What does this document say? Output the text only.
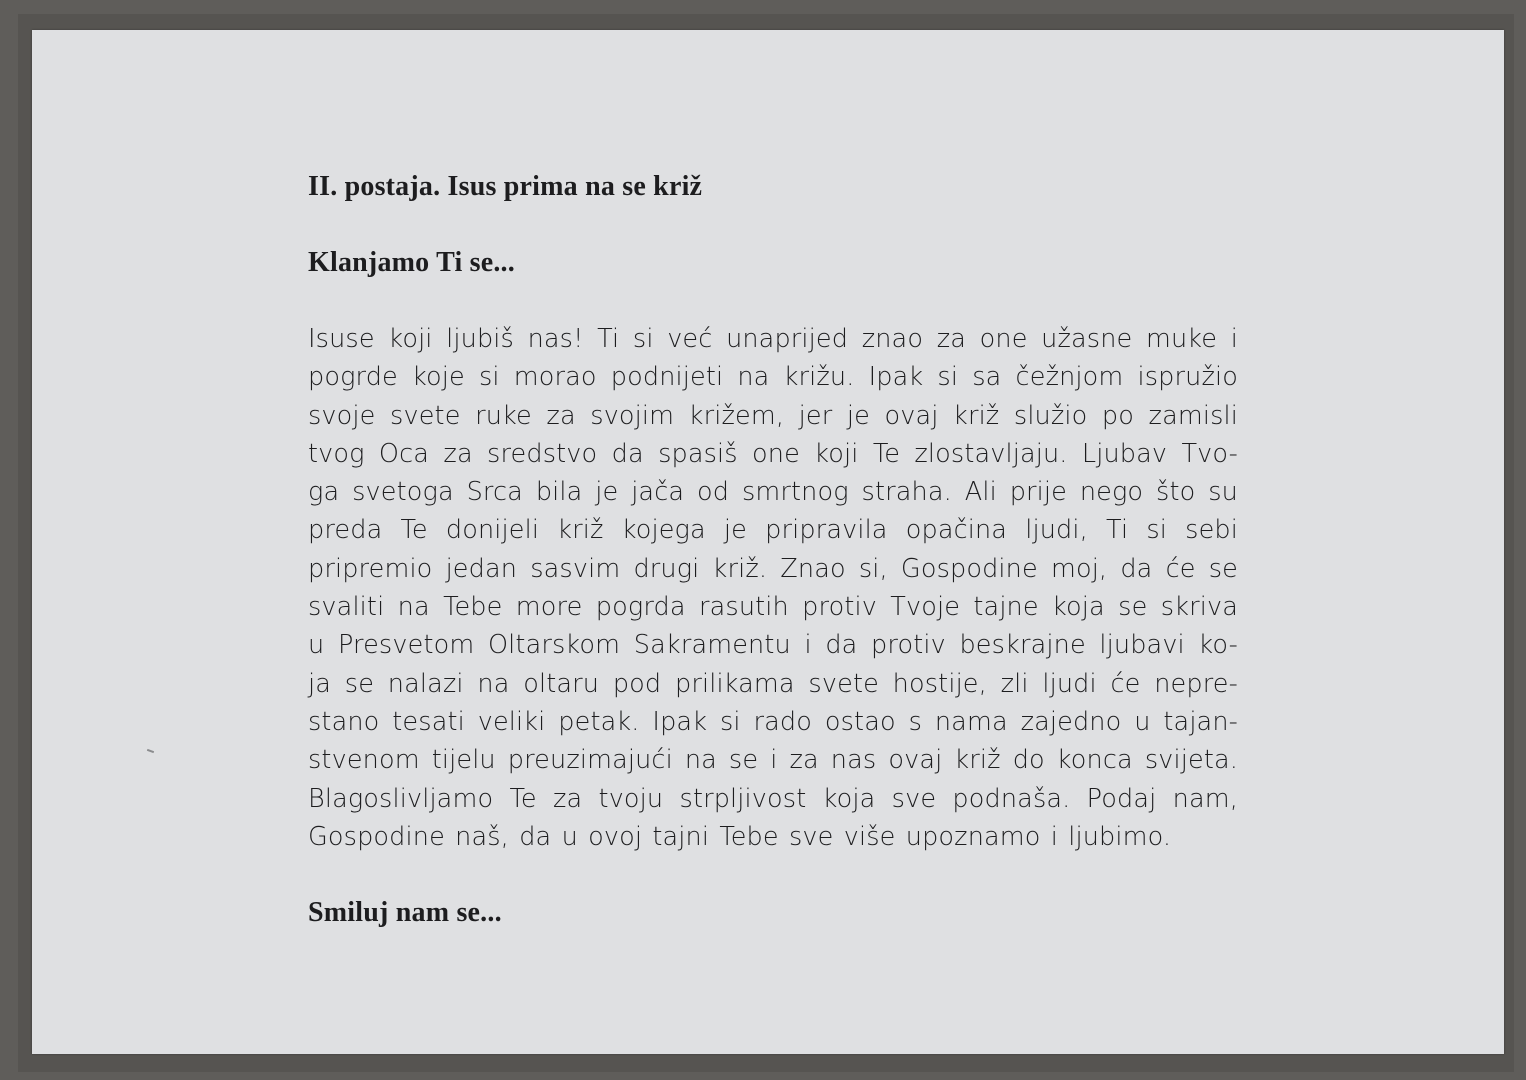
II. postaja. Isus prima na se križ

Klanjamo Ti se...

Isuse koji ljubiš nas! Ti si već unaprijed znao za one užasne muke i
pogrde koje si morao podnijeti na križu. Ipak si sa čežnjom ispružio
svoje svete ruke za svojim križem, jer je ovaj križ služio po zamisli
tvog Oca za sredstvo da spasiš one koji Te zlostavljaju. Ljubav Tvo-
ga svetoga Srca bila je jača od smrtnog straha. Ali prije nego što su
preda Te donijeli križ kojega je pripravila opačina ljudi, Ti si sebi
pripremio jedan sasvim drugi križ. Znao si, Gospodine moj, da će se
svaliti na Tebe more pogrda rasutih protiv Tvoje tajne koja se skriva
u Presvetom Oltarskom Sakramentu i da protiv beskrajne ljubavi ko-
ja se nalazi na oltaru pod prilikama svete hostije, zli ljudi će nepre-
stano tesati veliki petak. Ipak si rado ostao s nama zajedno u tajan-
stvenom tijelu preuzimajući na se i za nas ovaj križ do konca svijeta.
Blagoslivljamo Te za tvoju strpljivost koja sve podnaša. Podaj nam,
Gospodine naš, da u ovoj tajni Tebe sve više upoznamo i ljubimo.

Smiluj nam se...
